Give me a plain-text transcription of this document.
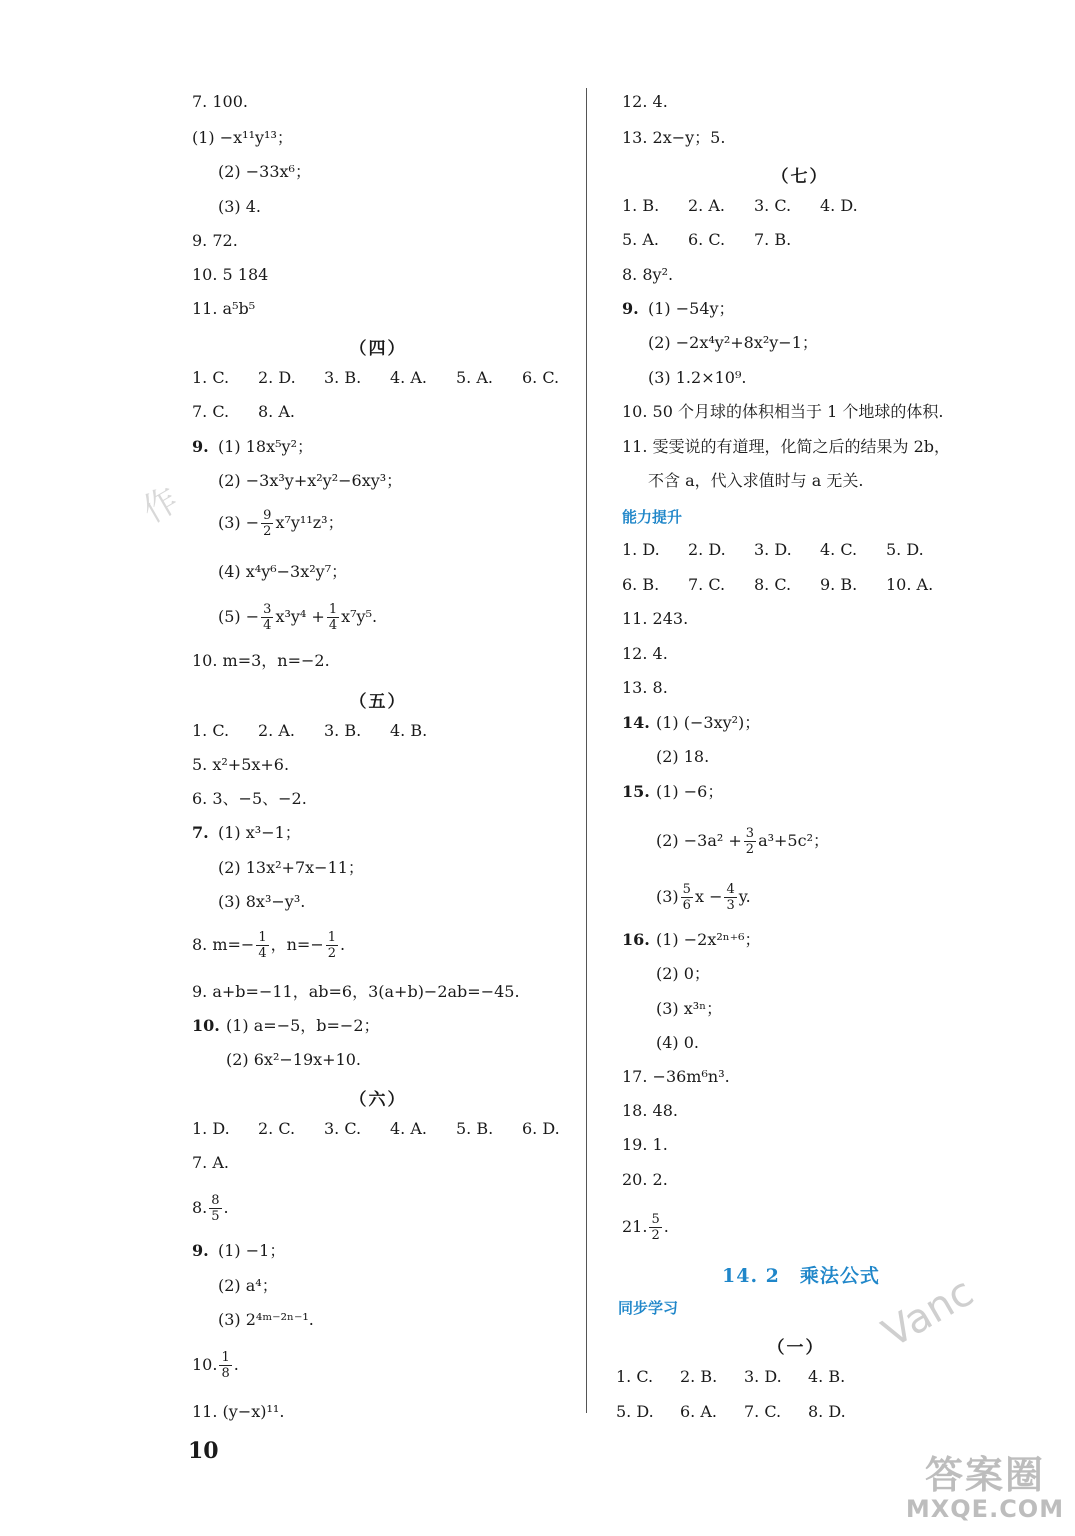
7. 100.
(1) −x¹¹y¹³；
(2) −33x⁶；
(3) 4.
9. 72.
10. 5 184
11. a⁵b⁵
（四）
1. C. 2. D. 3. B. 4. A. 5. A. 6. C.
7. C. 8. A.
9. (1) 18x⁵y²；
(2) −3x³y+x²y²−6xy³；
$(3) - \frac{9}{2} x^7y^{11}z^3$；
(4) x⁴y⁶−3x²y⁷；
$(5) - \frac{3}{4} x^3y^4 + \frac{1}{4} x^7y^5$.
10. m=3，n=−2.
（五）
1. C. 2. A. 3. B. 4. B.
5. x²+5x+6.
6. 3、−5、−2.
7. (1) x³−1；
(2) 13x²+7x−11；
(3) 8x³−y³.
8. $m=- \frac{1}{4}$ ，$n=- \frac{1}{2}$ .
9. a+b=−11，ab=6，3(a+b)−2ab=−45.
10. (1) a=−5，b=−2；
(2) 6x²−19x+10.
（六）
1. D. 2. C. 3. C. 4. A. 5. B. 6. D.
7. A.
8. $\frac{8}{5}$ .
9. (1) −1；
(2) a⁴；
(3) 2⁴ᵐ⁻²ⁿ⁻¹.
10. $\frac{1}{8}$ .
11. (y−x)¹¹.
10
12. 4.
13. 2x−y；5.
（七）
1. B. 2. A. 3. C. 4. D.
5. A. 6. C. 7. B.
8. 8y².
9. (1) −54y；
(2) −2x⁴y²+8x²y−1；
(3) 1.2×10⁹.
10. 50 个月球的体积相当于 1 个地球的体积.
11. 雯雯说的有道理，化简之后的结果为 2b，
不含 a，代入求值时与 a 无关.
能力提升
1. D. 2. D. 3. D. 4. C. 5. D.
6. B. 7. C. 8. C. 9. B. 10. A.
11. 243.
12. 4.
13. 8.
14. (1) (−3xy²)；
(2) 18.
15. (1) −6；
$(2) -3a^2 + \frac{3}{2} a^3+5c^2$；
$(3) \frac{5}{6}$ $x - \frac{4}{3} y$.
16. (1) −2x²ⁿ⁺⁶；
(2) 0；
(3) x³ⁿ；
(4) 0.
17. −36m⁶n³.
18. 48.
19. 1.
20. 2.
21. $\frac{5}{2}$ .
14. 2　乘法公式
同步学习
（一）
1. C. 2. B. 3. D. 4. B.
5. D. 6. A. 7. C. 8. D.
作
Vanc
答案圈
MXQE.COM
